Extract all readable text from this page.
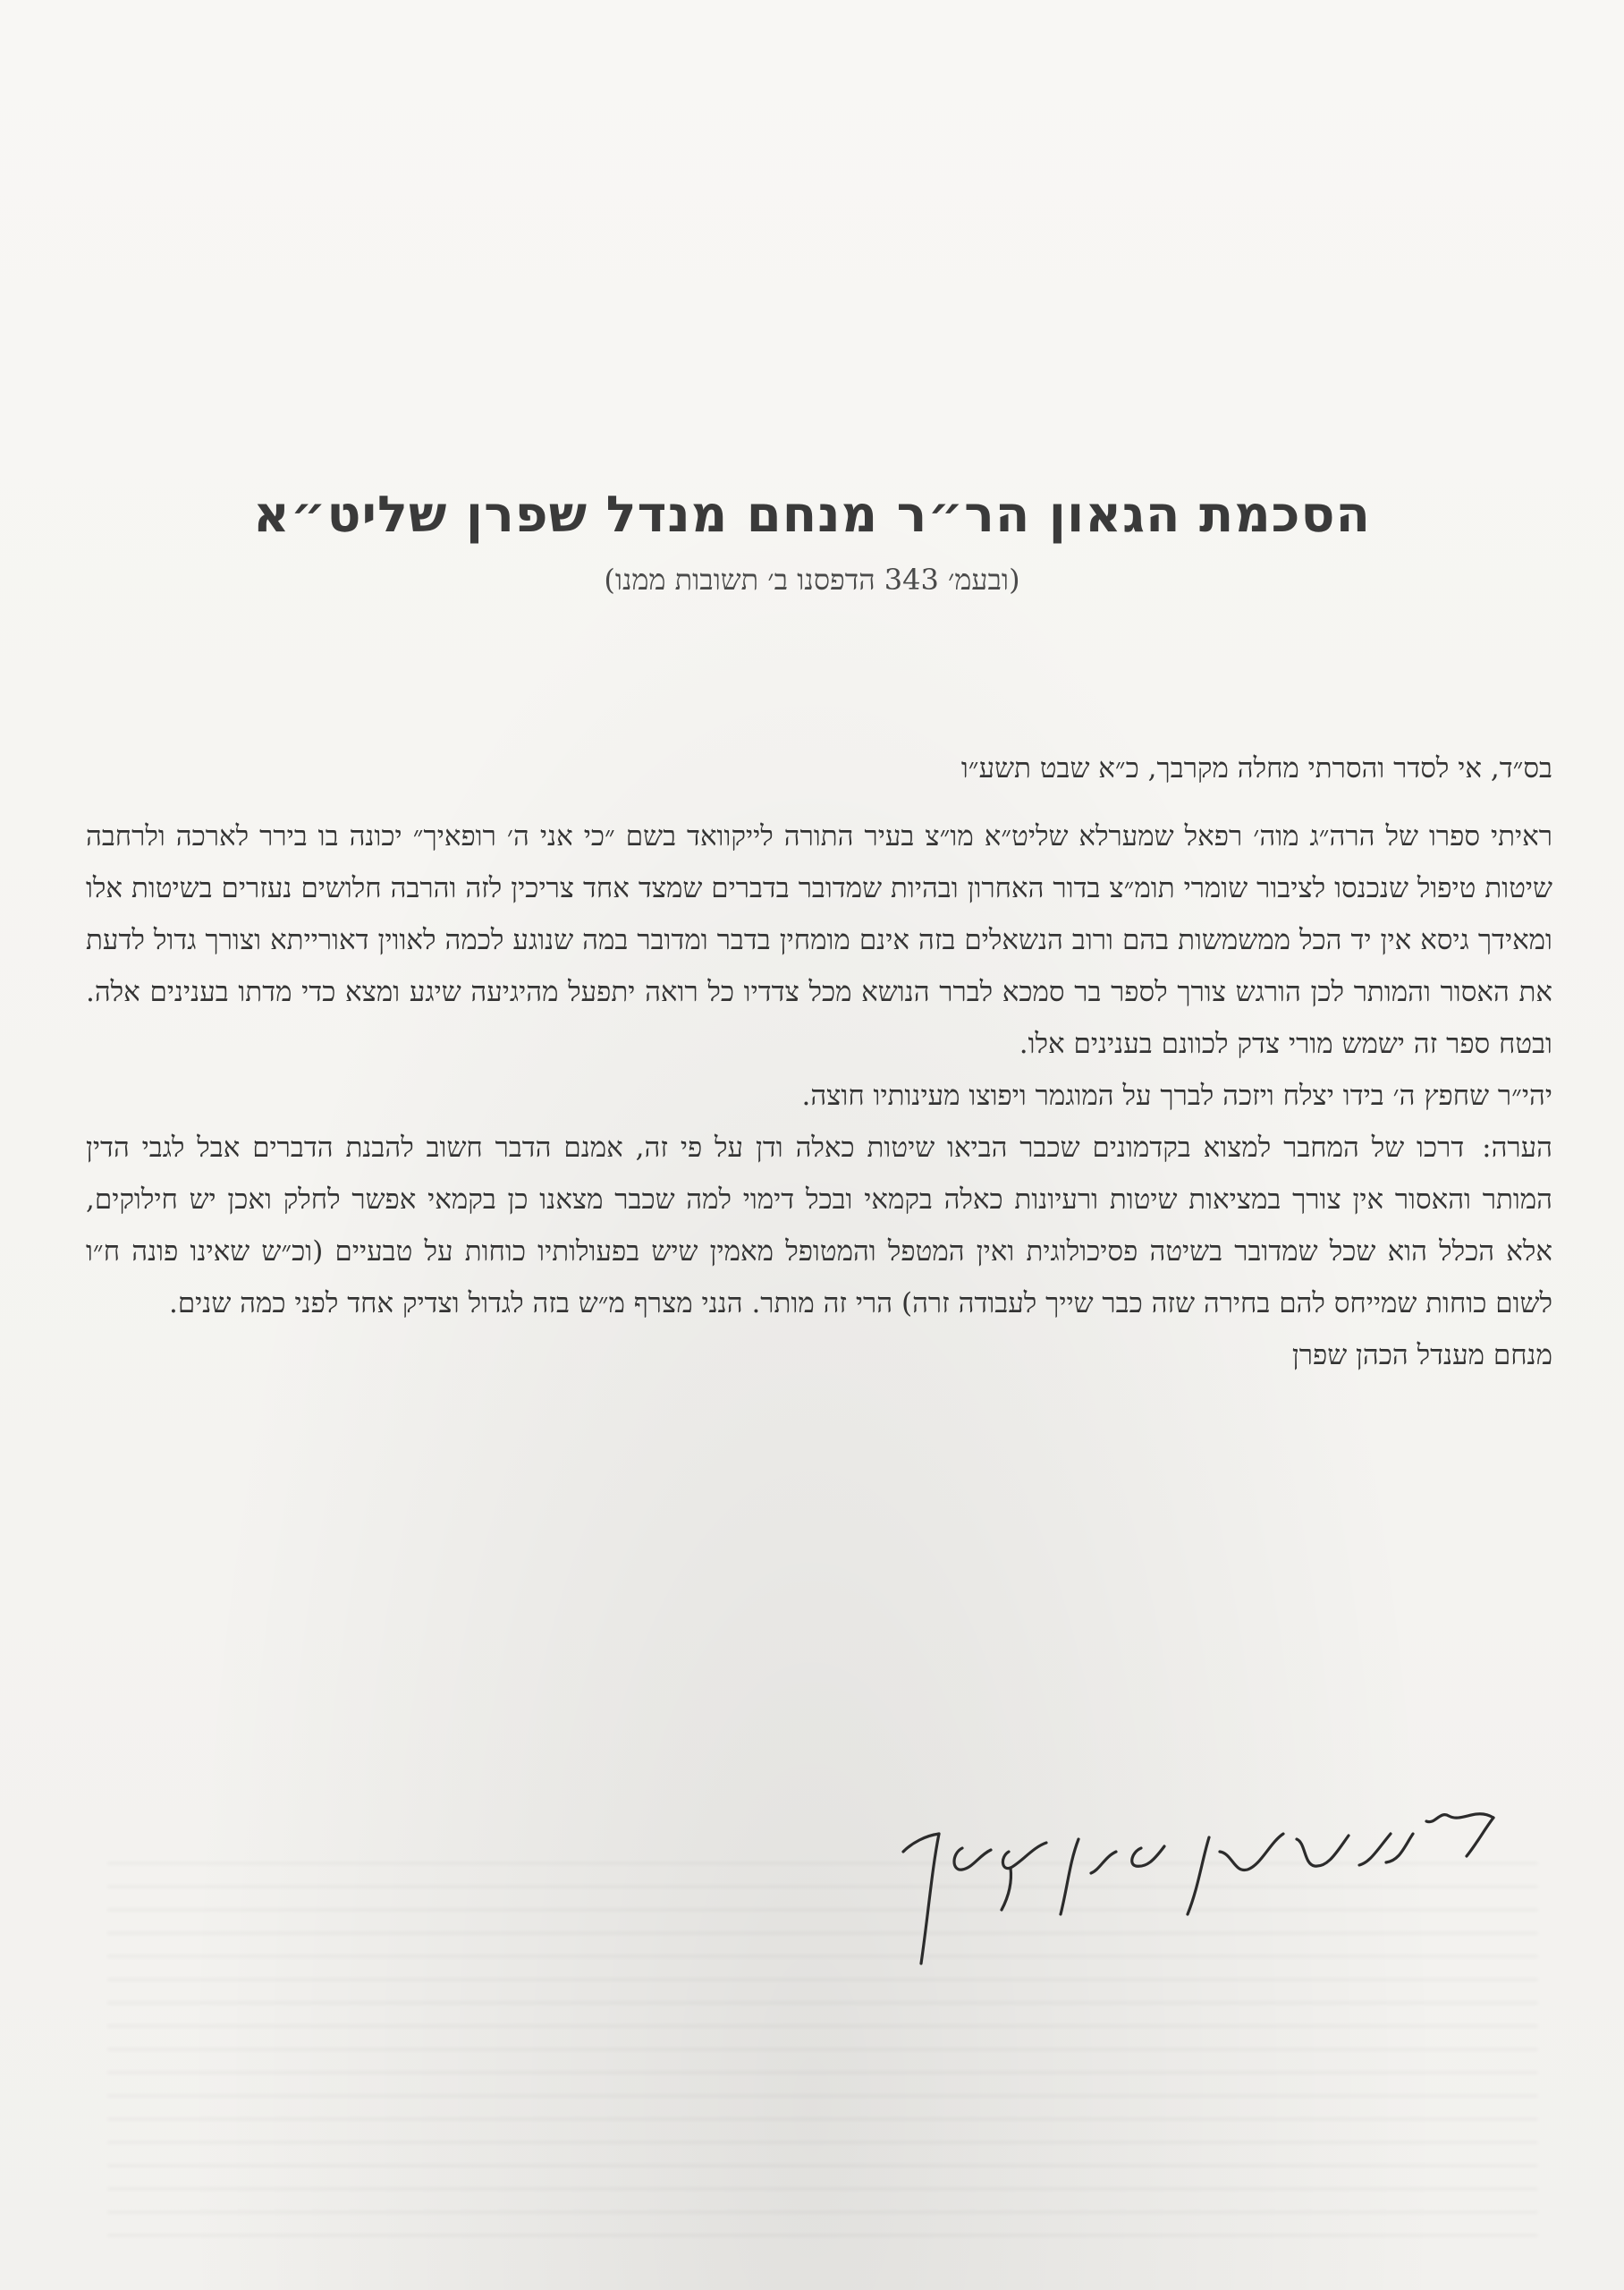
הסכמת הגאון הר״ר מנחם מנדל שפרן שליט״א
(ובעמ׳ 343 הדפסנו ב׳ תשובות ממנו)

בס״ד, אי לסדר והסרתי מחלה מקרבך, כ״א שבט תשע״ו

ראיתי ספרו של הרה״ג מוה׳ רפאל שמערלא שליט״א מו״צ בעיר התורה לייקוואד בשם ״כי אני ה׳ רופאיך״ יכונה בו בירר לארכה ולרחבה שיטות טיפול שנכנסו לציבור שומרי תומ״צ בדור האחרון ובהיות שמדובר בדברים שמצד אחד צריכין לזה והרבה חלושים נעזרים בשיטות אלו ומאידך גיסא אין יד הכל ממשמשות בהם ורוב הנשאלים בזה אינם מומחין בדבר ומדובר במה שנוגע לכמה לאווין דאורייתא וצורך גדול לדעת את האסור והמותר לכן הורגש צורך לספר בר סמכא לברר הנושא מכל צדדיו כל רואה יתפעל מהיגיעה שיגע ומצא כדי מדתו בענינים אלה. ובטח ספר זה ישמש מורי צדק לכוונם בענינים אלו.

יהי״ר שחפץ ה׳ בידו יצלח ויזכה לברך על המוגמר ויפוצו מעינותיו חוצה.

הערה: דרכו של המחבר למצוא בקדמונים שכבר הביאו שיטות כאלה ודן על פי זה, אמנם הדבר חשוב להבנת הדברים אבל לגבי הדין המותר והאסור אין צורך במציאות שיטות ורעיונות כאלה בקמאי ובכל דימוי למה שכבר מצאנו כן בקמאי אפשר לחלק ואכן יש חילוקים, אלא הכלל הוא שכל שמדובר בשיטה פסיכולוגית ואין המטפל והמטופל מאמין שיש בפעולותיו כוחות על טבעיים (וכ״ש שאינו פונה ח״ו לשום כוחות שמייחס להם בחירה שזה כבר שייך לעבודה זרה) הרי זה מותר. הנני מצרף מ״ש בזה לגדול וצדיק אחד לפני כמה שנים.

מנחם מענדל הכהן שפרן
